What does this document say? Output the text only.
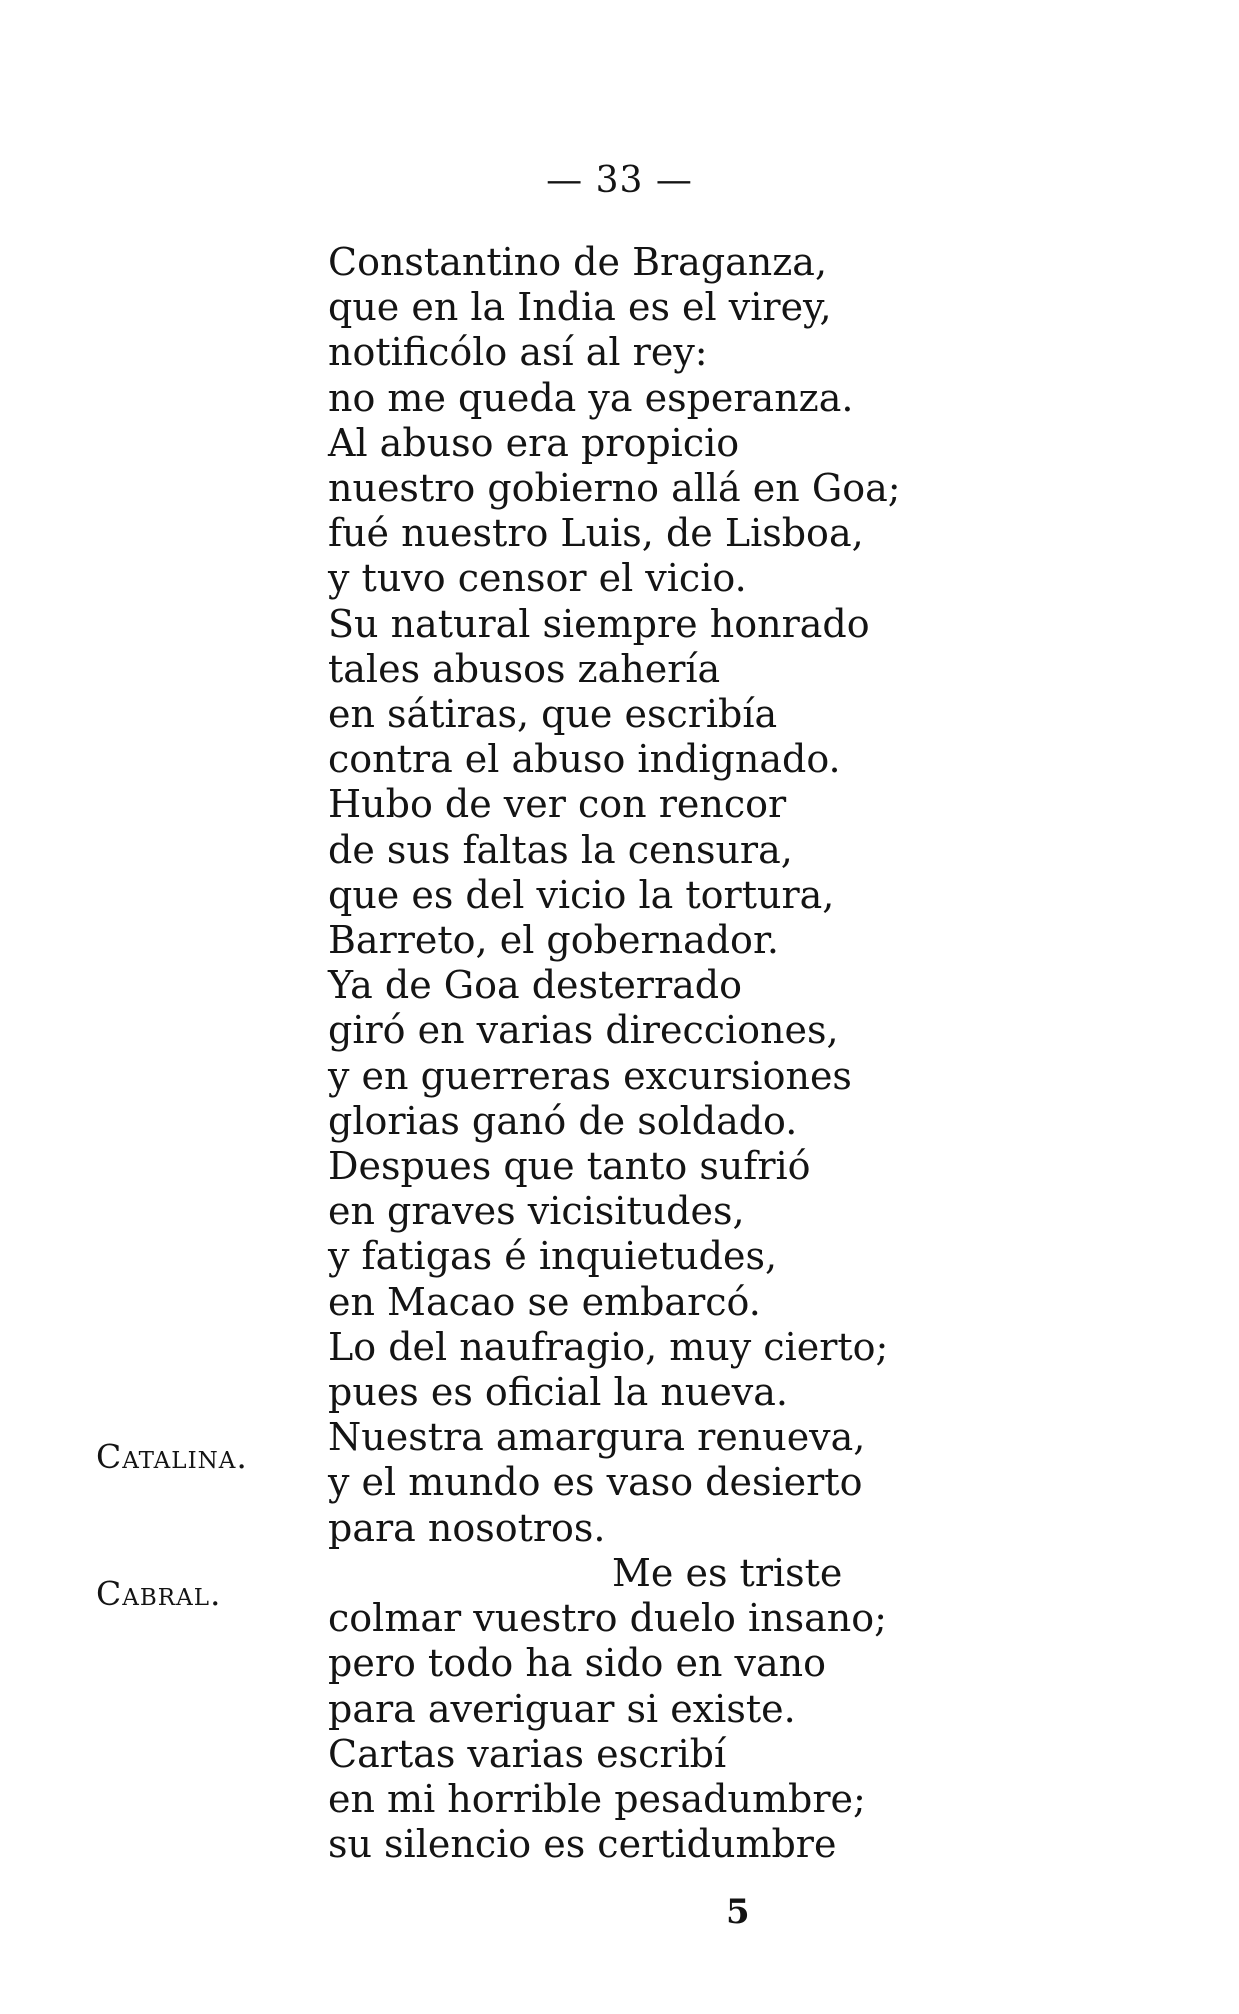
— 33 —
Catalina.
Cabral.
Constantino de Braganza,
que en la India es el virey,
notificólo así al rey:
no me queda ya esperanza.
Al abuso era propicio
nuestro gobierno allá en Goa;
fué nuestro Luis, de Lisboa,
y tuvo censor el vicio.
Su natural siempre honrado
tales abusos zahería
en sátiras, que escribía
contra el abuso indignado.
Hubo de ver con rencor
de sus faltas la censura,
que es del vicio la tortura,
Barreto, el gobernador.
Ya de Goa desterrado
giró en varias direcciones,
y en guerreras excursiones
glorias ganó de soldado.
Despues que tanto sufrió
en graves vicisitudes,
y fatigas é inquietudes,
en Macao se embarcó.
Lo del naufragio, muy cierto;
pues es oficial la nueva.
Nuestra amargura renueva,
y el mundo es vaso desierto
para nosotros.
Me es triste
colmar vuestro duelo insano;
pero todo ha sido en vano
para averiguar si existe.
Cartas varias escribí
en mi horrible pesadumbre;
su silencio es certidumbre
5
